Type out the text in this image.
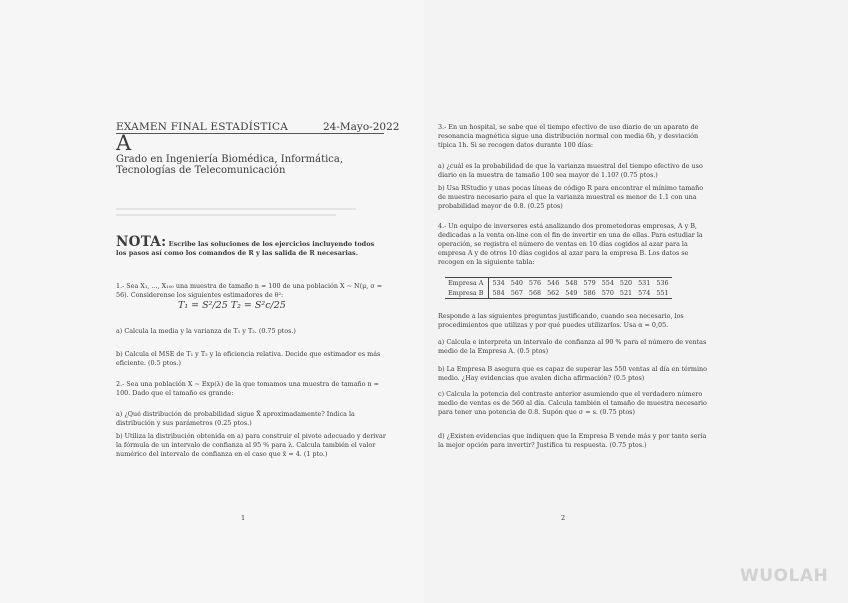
EXAMEN FINAL ESTADÍSTICA	24-Mayo-2022

A

Grado en Ingeniería Biomédica, Informática, Tecnologías de Telecomunicación

NOTA: Escribe las soluciones de los ejercicios incluyendo todos los pasos así como los comandos de R y las salida de R necesarias.

1.- Sea X₁, ..., X₁₀₀ una muestra de tamaño n = 100 de una población X ∼ N(μ, σ = 56). Considerense los siguientes estimadores de θ²:

T₁ = S²/25 T₂ = S²c/25

a) Calcula la media y la varianza de T₁ y T₂. (0.75 ptos.)

b) Calcula el MSE de T₁ y T₂ y la eficiencia relativa. Decide que estimador es más eficiente. (0.5 ptos.)

2.- Sea una población X ∼ Exp(λ) de la que tomamos una muestra de tamaño n = 100. Dado que el tamaño es grande:

a) ¿Qué distribución de probabilidad sigue X̄ aproximadamente? Indica la distribución y sus parámetros (0.25 ptos.)

b) Utiliza la distribución obtenida en a) para construir el pivote adecuado y derivar la fórmula de un intervalo de confianza al 95 % para λ. Calcula también el valor numérico del intervalo de confianza en el caso que x̄ = 4. (1 pto.)

1

3.- En un hospital, se sabe que el tiempo efectivo de uso diario de un aparato de resonancia magnética sigue una distribución normal con media 6h, y desviación típica 1h. Si se recogen datos durante 100 días:

a) ¿cuál es la probabilidad de que la varianza muestral del tiempo efectivo de uso diario en la muestra de tamaño 100 sea mayor de 1.10? (0.75 ptos.)

b) Usa RStudio y unas pocas líneas de código R para encontrar el mínimo tamaño de muestra necesario para el que la varianza muestral es menor de 1.1 con una probabilidad mayor de 0.8. (0.25 ptos)

4.- Un equipo de inversores está analizando dos prometedoras empresas, A y B, dedicadas a la venta on-line con el fin de invertir en una de ellas. Para estudiar la operación, se registra el número de ventas en 10 días cogidos al azar para la empresa A y de otros 10 días cogidos al azar para la empresa B. Los datos se recogen en la siguiente tabla:

Empresa A	534	540	576	546	548	579	554	520	531	536
Empresa B	584	567	568	562	549	586	570	521	574	551

Responde a las siguientes preguntas justificando, cuando sea necesario, los procedimientos que utilizas y por qué puedes utilizarlos. Usa α = 0,05.

a) Calcula e interpreta un intervalo de confianza al 90 % para el número de ventas medio de la Empresa A. (0.5 ptos)

b) La Empresa B asegura que es capaz de superar las 550 ventas al día en término medio. ¿Hay evidencias que avalen dicha afirmación? (0.5 ptos)

c) Calcula la potencia del contraste anterior asumiendo que el verdadero número medio de ventas es de 560 al día. Calcula también el tamaño de muestra necesario para tener una potencia de 0.8. Supón que σ = s. (0.75 ptos)

d) ¿Existen evidencias que indiquen que la Empresa B vende más y por tanto sería la mejor opción para invertir? Justifica tu respuesta. (0.75 ptos.)

2
WUOLAH
